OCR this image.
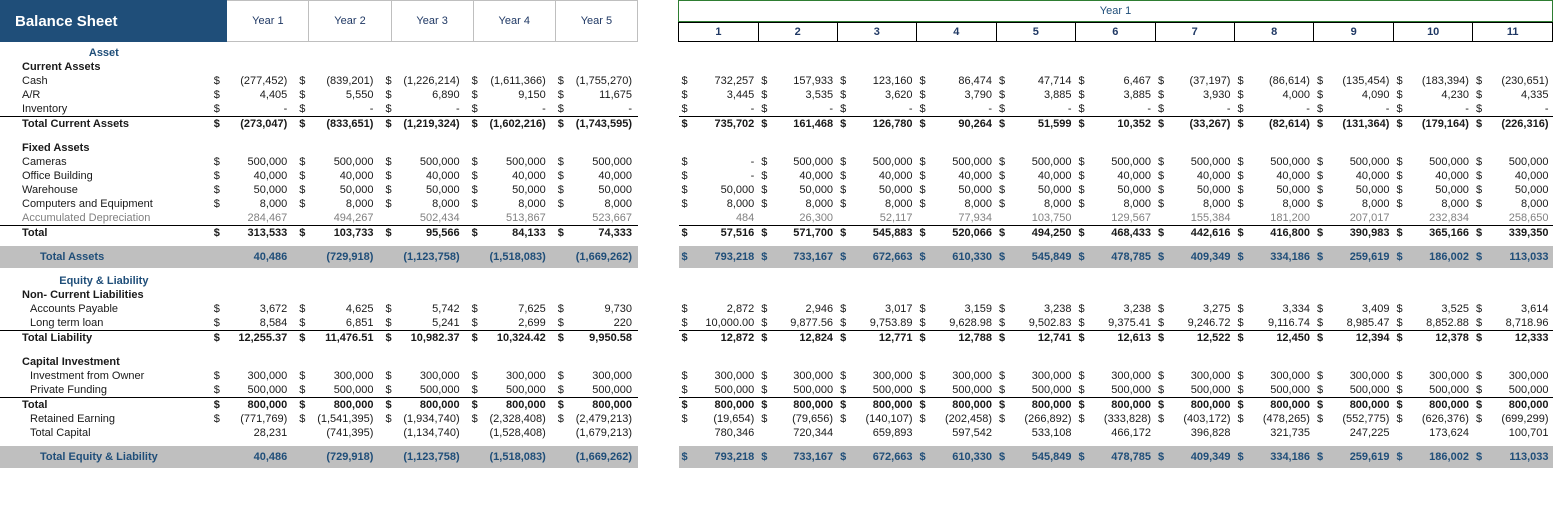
Balance Sheet	Year 1	Year 2	Year 3	Year 4	Year 5

Asset										
Current Assets										
Cash	$	(277,452)	$	(839,201)	$	(1,226,214)	$	(1,611,366)	$	(1,755,270)
A/R	$	4,405	$	5,550	$	6,890	$	9,150	$	11,675
Inventory	$	-	$	-	$	-	$	-	$	-
Total Current Assets	$	(273,047)	$	(833,651)	$	(1,219,324)	$	(1,602,216)	$	(1,743,595)

Fixed Assets										
Cameras	$	500,000	$	500,000	$	500,000	$	500,000	$	500,000
Office Building	$	40,000	$	40,000	$	40,000	$	40,000	$	40,000
Warehouse	$	50,000	$	50,000	$	50,000	$	50,000	$	50,000
Computers and Equipment	$	8,000	$	8,000	$	8,000	$	8,000	$	8,000
Accumulated Depreciation		284,467		494,267		502,434		513,867		523,667
Total	$	313,533	$	103,733	$	95,566	$	84,133	$	74,333

Total Assets		40,486		(729,918)		(1,123,758)		(1,518,083)		(1,669,262)

Equity & Liability										
Non- Current Liabilities										
Accounts Payable	$	3,672	$	4,625	$	5,742	$	7,625	$	9,730
Long term loan	$	8,584	$	6,851	$	5,241	$	2,699	$	220
Total Liability	$	12,255.37	$	11,476.51	$	10,982.37	$	10,324.42	$	9,950.58

Capital Investment										
Investment from Owner	$	300,000	$	300,000	$	300,000	$	300,000	$	300,000
Private Funding	$	500,000	$	500,000	$	500,000	$	500,000	$	500,000
Total	$	800,000	$	800,000	$	800,000	$	800,000	$	800,000
Retained Earning	$	(771,769)	$	(1,541,395)	$	(1,934,740)	$	(2,328,408)	$	(2,479,213)
Total Capital		28,231		(741,395)		(1,134,740)		(1,528,408)		(1,679,213)

Total Equity & Liability		40,486		(729,918)		(1,123,758)		(1,518,083)		(1,669,262)
Year 1
1		2		3		4		5		6		7		8		9		10		11	

$	732,257	$	157,933	$	123,160	$	86,474	$	47,714	$	6,467	$	(37,197)	$	(86,614)	$	(135,454)	$	(183,394)	$	(230,651)
$	3,445	$	3,535	$	3,620	$	3,790	$	3,885	$	3,885	$	3,930	$	4,000	$	4,090	$	4,230	$	4,335
$	-	$	-	$	-	$	-	$	-	$	-	$	-	$	-	$	-	$	-	$	-
$	735,702	$	161,468	$	126,780	$	90,264	$	51,599	$	10,352	$	(33,267)	$	(82,614)	$	(131,364)	$	(179,164)	$	(226,316)

$	-	$	500,000	$	500,000	$	500,000	$	500,000	$	500,000	$	500,000	$	500,000	$	500,000	$	500,000	$	500,000
$	-	$	40,000	$	40,000	$	40,000	$	40,000	$	40,000	$	40,000	$	40,000	$	40,000	$	40,000	$	40,000
$	50,000	$	50,000	$	50,000	$	50,000	$	50,000	$	50,000	$	50,000	$	50,000	$	50,000	$	50,000	$	50,000
$	8,000	$	8,000	$	8,000	$	8,000	$	8,000	$	8,000	$	8,000	$	8,000	$	8,000	$	8,000	$	8,000
	484		26,300		52,117		77,934		103,750		129,567		155,384		181,200		207,017		232,834		258,650
$	57,516	$	571,700	$	545,883	$	520,066	$	494,250	$	468,433	$	442,616	$	416,800	$	390,983	$	365,166	$	339,350

$	793,218	$	733,167	$	672,663	$	610,330	$	545,849	$	478,785	$	409,349	$	334,186	$	259,619	$	186,002	$	113,033

$	2,872	$	2,946	$	3,017	$	3,159	$	3,238	$	3,238	$	3,275	$	3,334	$	3,409	$	3,525	$	3,614
$	10,000.00	$	9,877.56	$	9,753.89	$	9,628.98	$	9,502.83	$	9,375.41	$	9,246.72	$	9,116.74	$	8,985.47	$	8,852.88	$	8,718.96
$	12,872	$	12,824	$	12,771	$	12,788	$	12,741	$	12,613	$	12,522	$	12,450	$	12,394	$	12,378	$	12,333

$	300,000	$	300,000	$	300,000	$	300,000	$	300,000	$	300,000	$	300,000	$	300,000	$	300,000	$	300,000	$	300,000
$	500,000	$	500,000	$	500,000	$	500,000	$	500,000	$	500,000	$	500,000	$	500,000	$	500,000	$	500,000	$	500,000
$	800,000	$	800,000	$	800,000	$	800,000	$	800,000	$	800,000	$	800,000	$	800,000	$	800,000	$	800,000	$	800,000
$	(19,654)	$	(79,656)	$	(140,107)	$	(202,458)	$	(266,892)	$	(333,828)	$	(403,172)	$	(478,265)	$	(552,775)	$	(626,376)	$	(699,299)
	780,346		720,344		659,893		597,542		533,108		466,172		396,828		321,735		247,225		173,624		100,701

$	793,218	$	733,167	$	672,663	$	610,330	$	545,849	$	478,785	$	409,349	$	334,186	$	259,619	$	186,002	$	113,033
